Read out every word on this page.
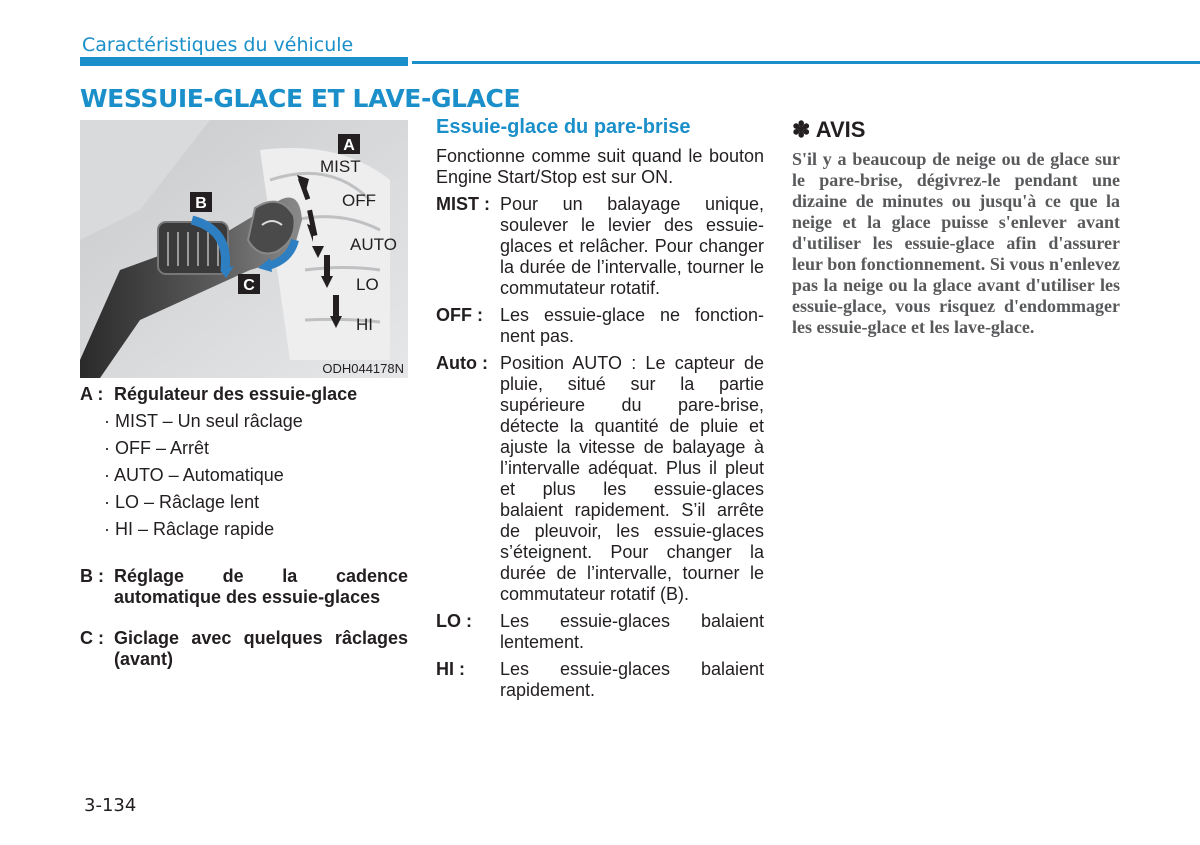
Caractéristiques du véhicule
WESSUIE-GLACE ET LAVE-GLACE
A
B
C
MIST
OFF
AUTO
LO
HI
ODH044178N
A : Régulateur des essuie-glace
· MIST – Un seul râclage
· OFF – Arrêt
· AUTO – Automatique
· LO – Râclage lent
· HI – Râclage rapide
B : Réglage de la cadence automatique des essuie-glaces
C : Giclage avec quelques râclages (avant)
Essuie-glace du pare-brise

Fonctionne comme suit quand le bouton Engine Start/Stop est sur ON.

MIST : Pour un balayage unique, soulever le levier des essuie-glaces et relâcher. Pour changer la durée de l’intervalle, tourner le commutateur rotatif.
OFF : Les essuie-glace ne fonction-nent pas.
Auto : Position AUTO : Le capteur de pluie, situé sur la partie supérieure du pare-brise, détecte la quantité de pluie et ajuste la vitesse de balayage à l’intervalle adéquat. Plus il pleut et plus les essuie-glaces balaient rapidement. S’il arrête de pleuvoir, les essuie-glaces s’éteignent. Pour changer la durée de l’intervalle, tourner le commutateur rotatif (B).
LO :	Les essuie-glaces balaient lentement.
HI :	Les essuie-glaces balaient rapidement.
✽ AVIS

S'il y a beaucoup de neige ou de glace sur le pare-brise, dégivrez-le pendant une dizaine de minutes ou jusqu'à ce que la neige et la glace puisse s'enlever avant d'utiliser les essuie-glace afin d'assurer leur bon fonctionnement. Si vous n'enlevez pas la neige ou la glace avant d'utiliser les essuie-glace, vous risquez d'endommager les essuie-glace et les lave-glace.

3-134
